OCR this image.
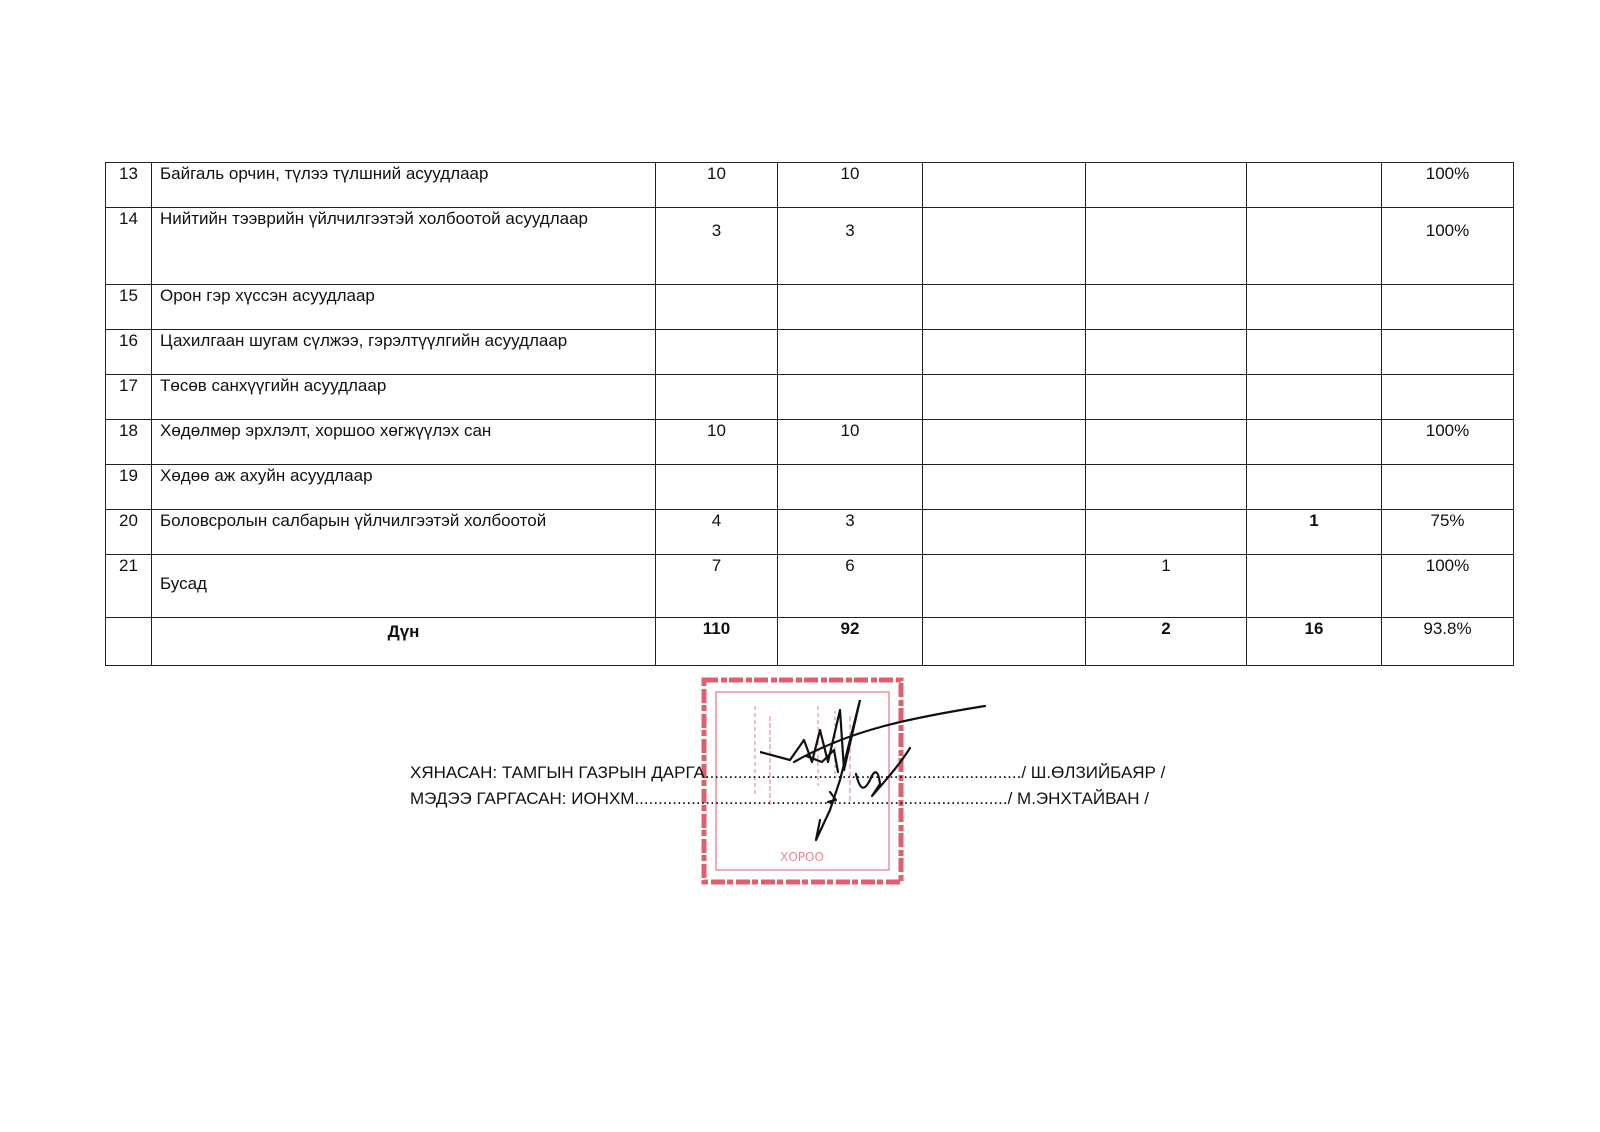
13	Байгаль орчин, түлээ түлшний асуудлаар	10	10				100%
14	Нийтийн тээврийн үйлчилгээтэй холбоотой асуудлаар	3	3				100%
15	Орон гэр хүссэн асуудлаар						
16	Цахилгаан шугам сүлжээ, гэрэлтүүлгийн асуудлаар						
17	Төсөв санхүүгийн асуудлаар						
18	Хөдөлмөр эрхлэлт, хоршоо хөгжүүлэх сан	10	10				100%
19	Хөдөө аж ахуйн асуудлаар						
20	Боловсролын салбарын үйлчилгээтэй холбоотой	4	3			1	75%
21	Бусад	7	6		1		100%
	Дүн	110	92		2	16	93.8%
ХОРОО
ХЯНАСАН: ТАМГЫН ГАЗРЫН ДАРГА.................................................................../ Ш.ӨЛЗИЙБАЯР /
МЭДЭЭ ГАРГАСАН: ИОНХМ.............................................................................../ М.ЭНХТАЙВАН /
